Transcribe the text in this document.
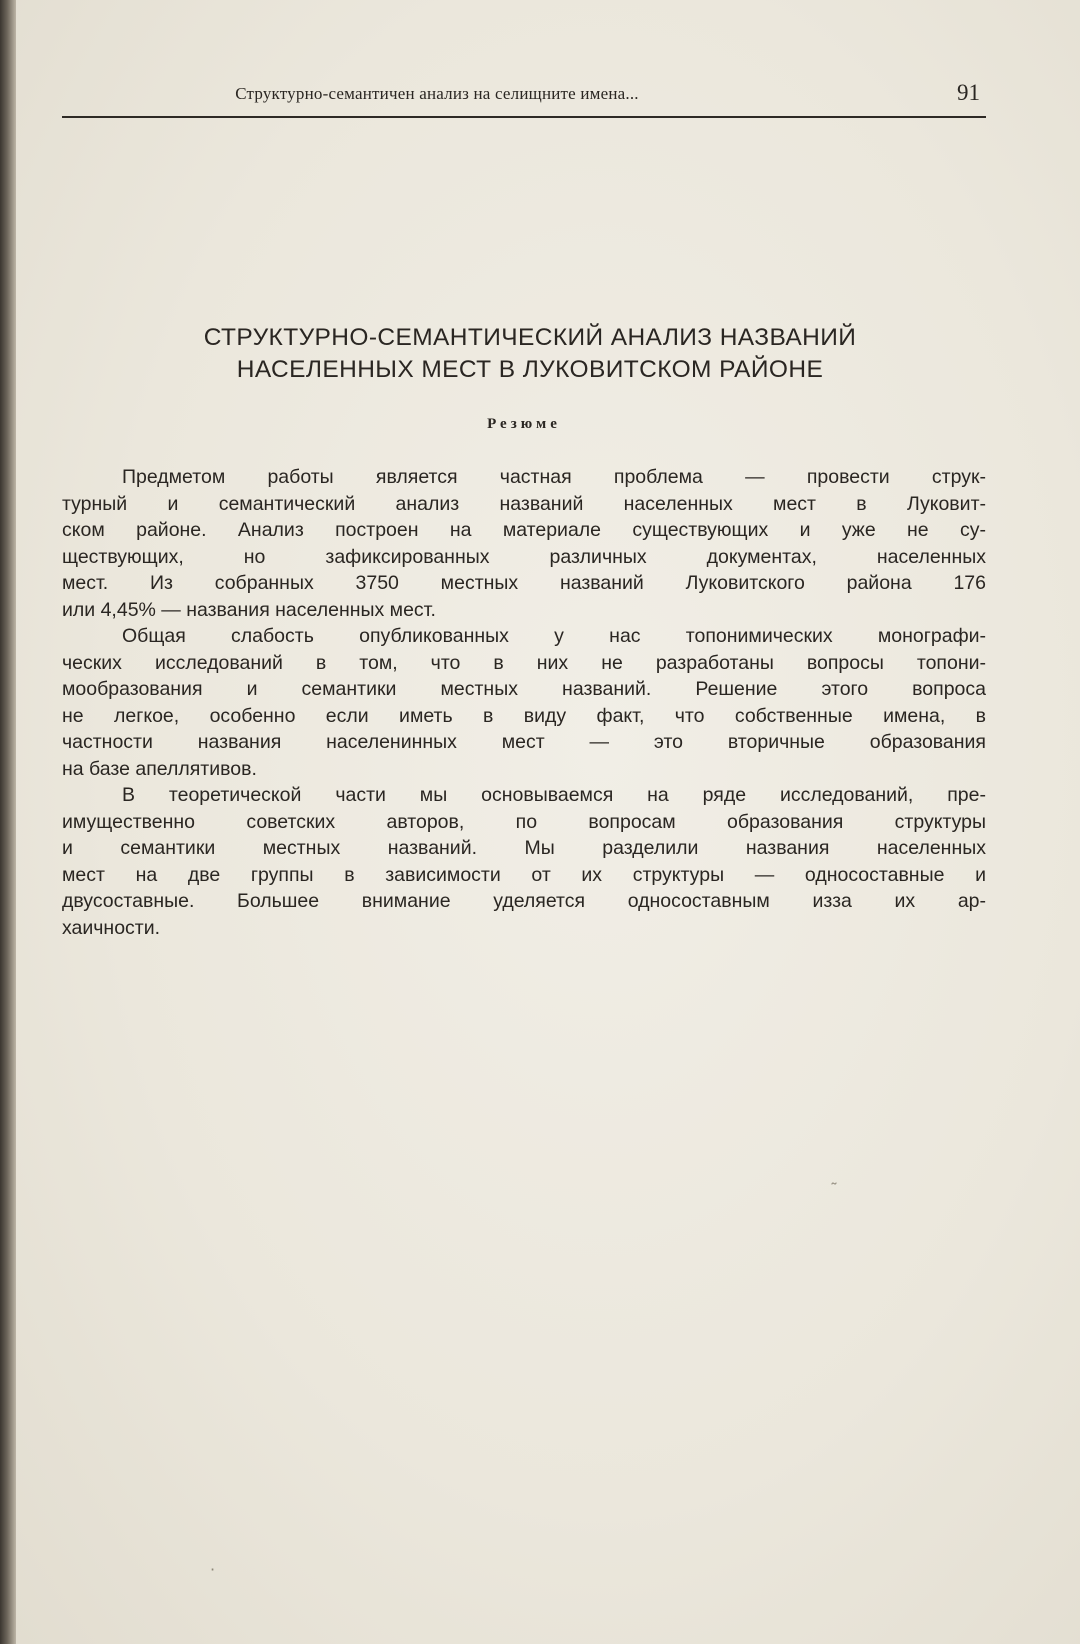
Структурно-семантичен анализ на селищните имена...	91
СТРУКТУРНО-СЕМАНТИЧЕСКИЙ АНАЛИЗ НАЗВАНИЙ
НАСЕЛЕННЫХ МЕСТ В ЛУКОВИТСКОМ РАЙОНЕ
Резюме
Предметом работы является частная проблема — провести струк-
турный и семантический анализ названий населенных мест в Луковит-
ском районе. Анализ построен на материале существующих и уже не су-
ществующих, но зафиксированных различных документах, населенных
мест. Из собранных 3750 местных названий Луковитского района 176
или 4,45% — названия населенных мест.
Общая слабость опубликованных у нас топонимических монографи-
ческих исследований в том, что в них не разработаны вопросы топони-
мообразования и семантики местных названий. Решение этого вопроса
не легкое, особенно если иметь в виду факт, что собственные имена, в
частности названия населенинных мест — это вторичные образования
на базе апеллятивов.
В теоретической части мы основываемся на ряде исследований, пре-
имущественно советских авторов, по вопросам образования структуры
и семантики местных названий. Мы разделили названия населенных
мест на две группы в зависимости от их структуры — односоставные и
двусоставные. Большее внимание уделяется односоставным изза их ар-
хаичности.
˜
·
